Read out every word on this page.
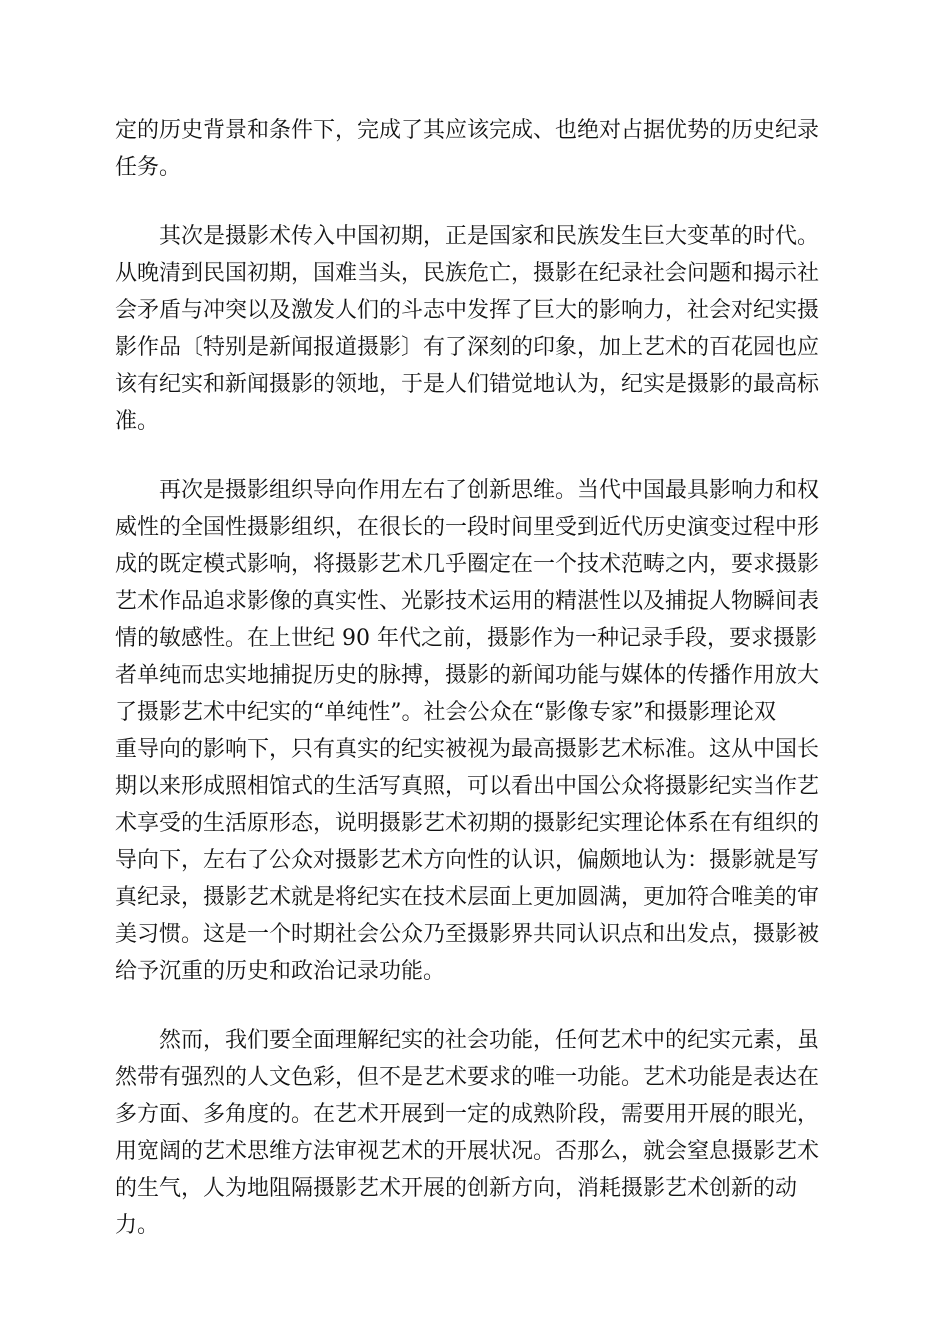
定的历史背景和条件下，完成了其应该完成、也绝对占据优势的历史纪录
任务。
其次是摄影术传入中国初期，正是国家和民族发生巨大变革的时代。
从晚清到民国初期，国难当头，民族危亡，摄影在纪录社会问题和揭示社
会矛盾与冲突以及激发人们的斗志中发挥了巨大的影响力，社会对纪实摄
影作品〔特别是新闻报道摄影〕有了深刻的印象，加上艺术的百花园也应
该有纪实和新闻摄影的领地，于是人们错觉地认为，纪实是摄影的最高标
准。
再次是摄影组织导向作用左右了创新思维。当代中国最具影响力和权
威性的全国性摄影组织，在很长的一段时间里受到近代历史演变过程中形
成的既定模式影响，将摄影艺术几乎圈定在一个技术范畴之内，要求摄影
艺术作品追求影像的真实性、光影技术运用的精湛性以及捕捉人物瞬间表
情的敏感性。在上世纪 90 年代之前，摄影作为一种记录手段，要求摄影
者单纯而忠实地捕捉历史的脉搏，摄影的新闻功能与媒体的传播作用放大
了摄影艺术中纪实的“单纯性”。社会公众在“影像专家”和摄影理论双
重导向的影响下，只有真实的纪实被视为最高摄影艺术标准。这从中国长
期以来形成照相馆式的生活写真照，可以看出中国公众将摄影纪实当作艺
术享受的生活原形态，说明摄影艺术初期的摄影纪实理论体系在有组织的
导向下，左右了公众对摄影艺术方向性的认识，偏颇地认为：摄影就是写
真纪录，摄影艺术就是将纪实在技术层面上更加圆满，更加符合唯美的审
美习惯。这是一个时期社会公众乃至摄影界共同认识点和出发点，摄影被
给予沉重的历史和政治记录功能。
然而，我们要全面理解纪实的社会功能，任何艺术中的纪实元素，虽
然带有强烈的人文色彩，但不是艺术要求的唯一功能。艺术功能是表达在
多方面、多角度的。在艺术开展到一定的成熟阶段，需要用开展的眼光，
用宽阔的艺术思维方法审视艺术的开展状况。否那么，就会窒息摄影艺术
的生气，人为地阻隔摄影艺术开展的创新方向，消耗摄影艺术创新的动
力。
